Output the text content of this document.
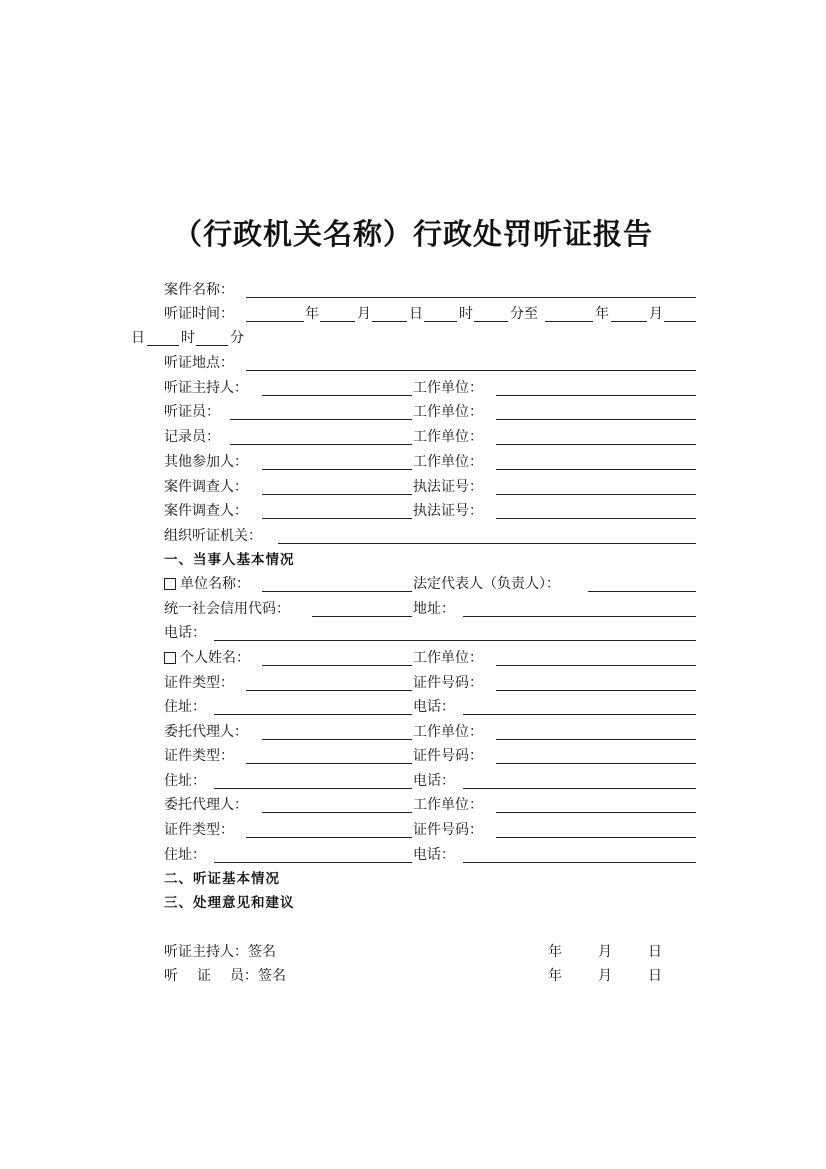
（行政机关名称）行政处罚听证报告
案件名称：
听证时间：	年	月	日	时	分至	年	月
日	时	分
听证地点：
听证主持人：	工作单位：
听证员：	工作单位：
记录员：	工作单位：
其他参加人：	工作单位：
案件调查人：	执法证号：
案件调查人：	执法证号：
组织听证机关：
一、当事人基本情况
单位名称：	法定代表人（负责人）：
统一社会信用代码：	地址：
电话：
个人姓名：	工作单位：
证件类型：	证件号码：
住址：	电话：
委托代理人：	工作单位：
证件类型：	证件号码：
住址：	电话：
委托代理人：	工作单位：
证件类型：	证件号码：
住址：	电话：
二、听证基本情况
三、处理意见和建议
听证主持人：签名	年	月	日
听 证 员：签名	年	月	日
